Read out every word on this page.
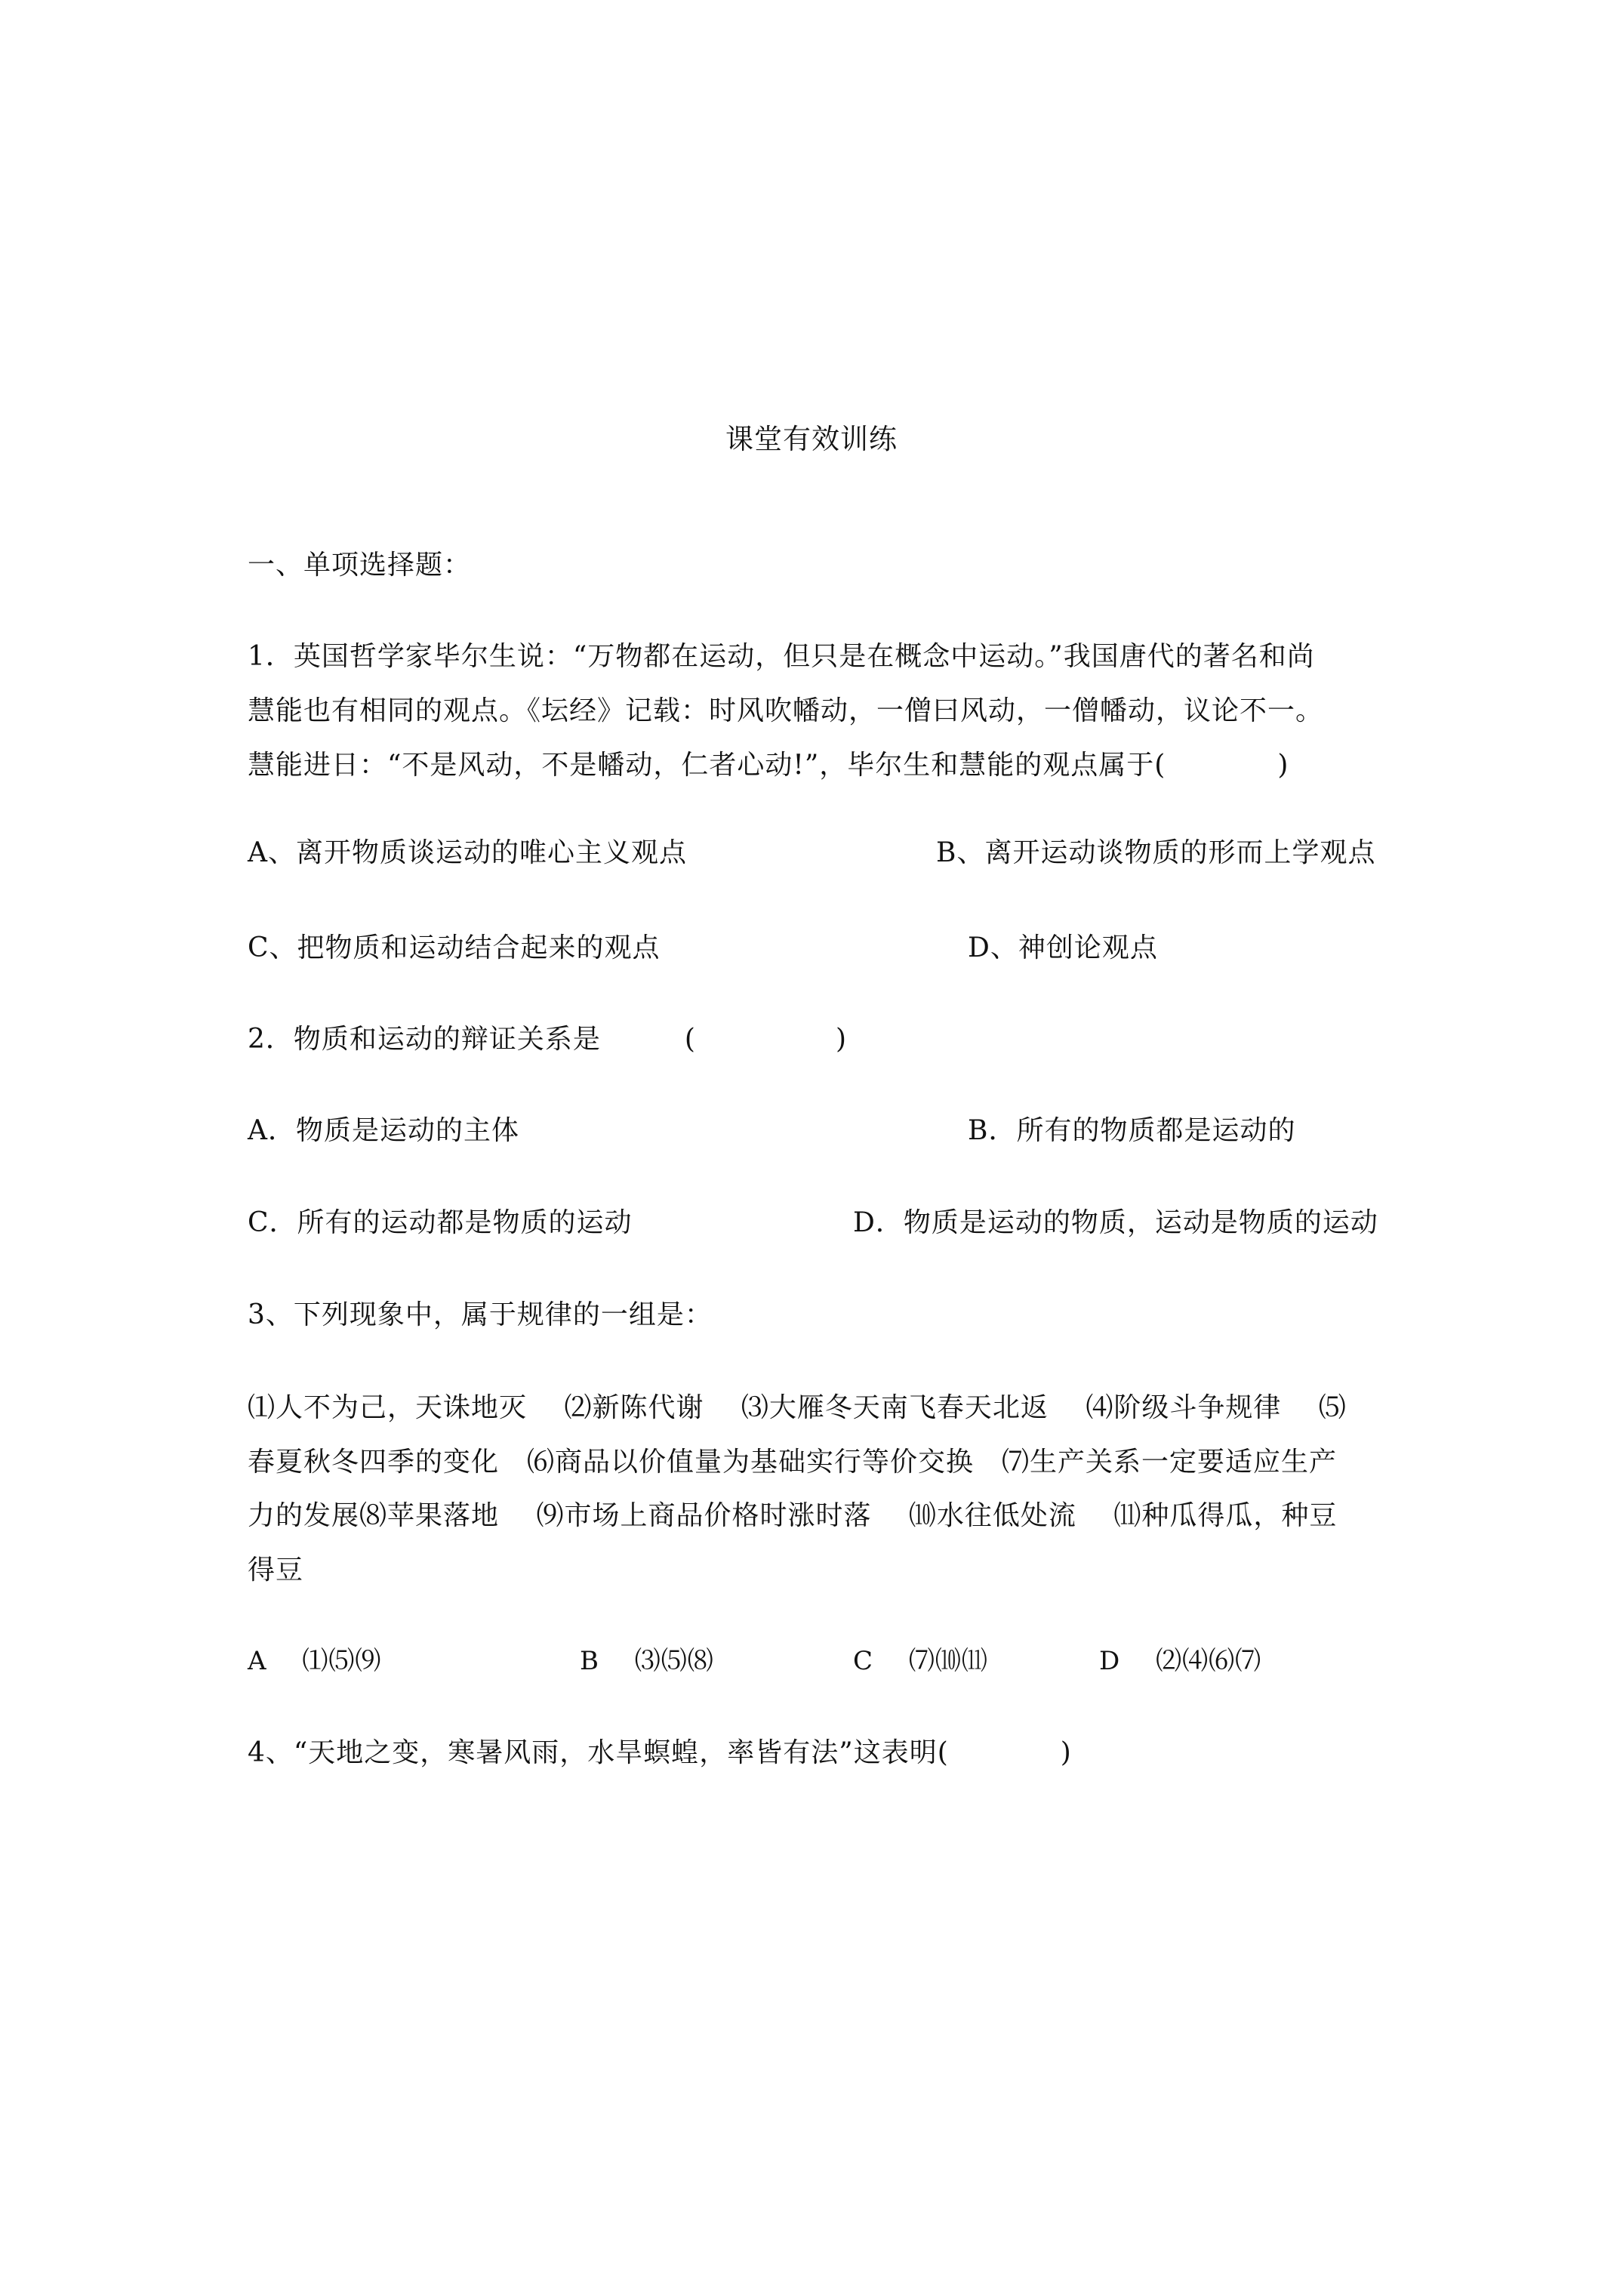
课堂有效训练
一、单项选择题：
1．英国哲学家毕尔生说：“万物都在运动，但只是在概念中运动。”我国唐代的著名和尚
慧能也有相同的观点。《坛经》记载：时风吹幡动，一僧曰风动，一僧幡动，议论不一。
慧能进日：“不是风动，不是幡动，仁者心动!”，毕尔生和慧能的观点属于(　　　　)
A、离开物质谈运动的唯心主义观点	B、离开运动谈物质的形而上学观点
C、把物质和运动结合起来的观点	D、神创论观点
2．物质和运动的辩证关系是　　　(　　　　　)
A．物质是运动的主体	B．所有的物质都是运动的
C．所有的运动都是物质的运动	D．物质是运动的物质，运动是物质的运动
3、下列现象中，属于规律的一组是：
⑴人不为己，天诛地灭　 ⑵新陈代谢　 ⑶大雁冬天南飞春天北返　 ⑷阶级斗争规律　 ⑸
春夏秋冬四季的变化　⑹商品以价值量为基础实行等价交换　⑺生产关系一定要适应生产
力的发展⑻苹果落地　 ⑼市场上商品价格时涨时落　 ⑽水往低处流　 ⑾种瓜得瓜，种豆
得豆
A　 ⑴⑸⑼	B　 ⑶⑸⑻	C　 ⑺⑽⑾	D　 ⑵⑷⑹⑺
4、“天地之变，寒暑风雨，水旱螟蝗，率皆有法”这表明(　　　　)
